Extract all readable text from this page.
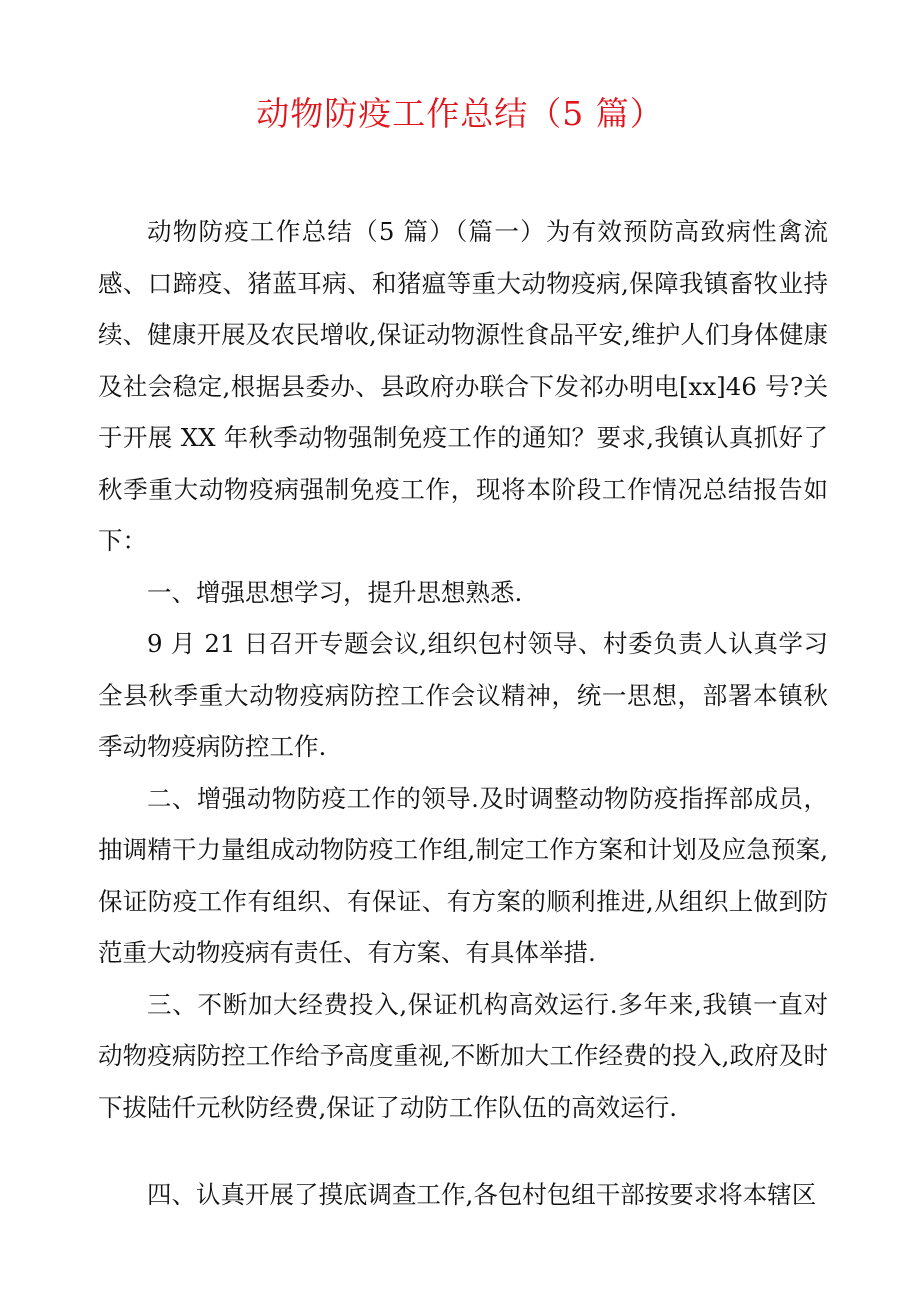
动物防疫工作总结（5 篇）

动物防疫工作总结（5 篇）（篇一）为有效预防高致病性禽流感、口蹄疫、猪蓝耳病、和猪瘟等重大动物疫病,保障我镇畜牧业持续、健康开展及农民增收,保证动物源性食品平安,维护人们身体健康及社会稳定,根据县委办、县政府办联合下发祁办明电[xx]46 号?关于开展 XX 年秋季动物强制免疫工作的通知？要求,我镇认真抓好了秋季重大动物疫病强制免疫工作，现将本阶段工作情况总结报告如下：

一、增强思想学习，提升思想熟悉.

9 月 21 日召开专题会议,组织包村领导、村委负责人认真学习全县秋季重大动物疫病防控工作会议精神，统一思想，部署本镇秋季动物疫病防控工作.

二、增强动物防疫工作的领导.及时调整动物防疫指挥部成员，抽调精干力量组成动物防疫工作组,制定工作方案和计划及应急预案,保证防疫工作有组织、有保证、有方案的顺利推进,从组织上做到防范重大动物疫病有责任、有方案、有具体举措.

三、不断加大经费投入,保证机构高效运行.多年来,我镇一直对动物疫病防控工作给予高度重视,不断加大工作经费的投入,政府及时下拔陆仟元秋防经费,保证了动防工作队伍的高效运行.

四、认真开展了摸底调查工作,各包村包组干部按要求将本辖区
